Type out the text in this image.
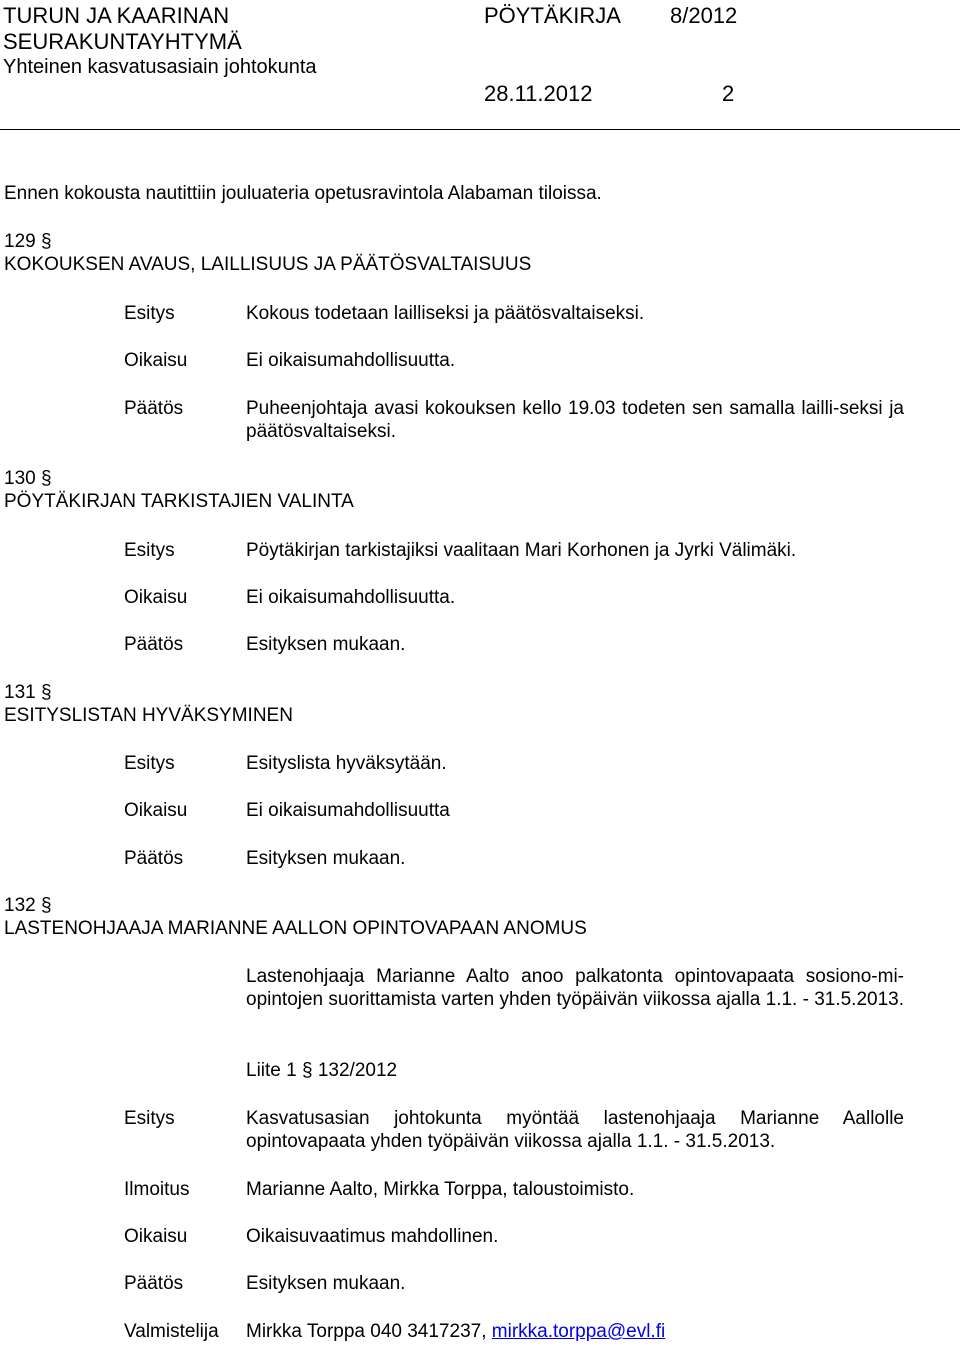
TURUN JA KAARINAN
SEURAKUNTAYHTYMÄ
Yhteinen kasvatusasiain johtokunta
PÖYTÄKIRJA 8/2012
28.11.2012	2
Ennen kokousta nautittiin jouluateria opetusravintola Alabaman tiloissa.
129 §
KOKOUKSEN AVAUS, LAILLISUUS JA PÄÄTÖSVALTAISUUS
Esitys	Kokous todetaan lailliseksi ja päätösvaltaiseksi.
Oikaisu	Ei oikaisumahdollisuutta.
Päätös	Puheenjohtaja avasi kokouksen kello 19.03 todeten sen samalla lailli-seksi ja päätösvaltaiseksi.
130 §
PÖYTÄKIRJAN TARKISTAJIEN VALINTA
Esitys	Pöytäkirjan tarkistajiksi vaalitaan Mari Korhonen ja Jyrki Välimäki.
Oikaisu	Ei oikaisumahdollisuutta.
Päätös	Esityksen mukaan.
131 §
ESITYSLISTAN HYVÄKSYMINEN
Esitys	Esityslista hyväksytään.
Oikaisu	Ei oikaisumahdollisuutta
Päätös	Esityksen mukaan.
132 §
LASTENOHJAAJA MARIANNE AALLON OPINTOVAPAAN ANOMUS
Lastenohjaaja Marianne Aalto anoo palkatonta opintovapaata sosiono-mi-opintojen suorittamista varten yhden työpäivän viikossa ajalla 1.1. - 31.5.2013.
Liite 1 § 132/2012
Esitys	Kasvatusasian johtokunta myöntää lastenohjaaja Marianne Aallolle opintovapaata yhden työpäivän viikossa ajalla 1.1. - 31.5.2013.
Ilmoitus	Marianne Aalto, Mirkka Torppa, taloustoimisto.
Oikaisu	Oikaisuvaatimus mahdollinen.
Päätös	Esityksen mukaan.
Valmistelija Mirkka Torppa 040 3417237, mirkka.torppa@evl.fi
